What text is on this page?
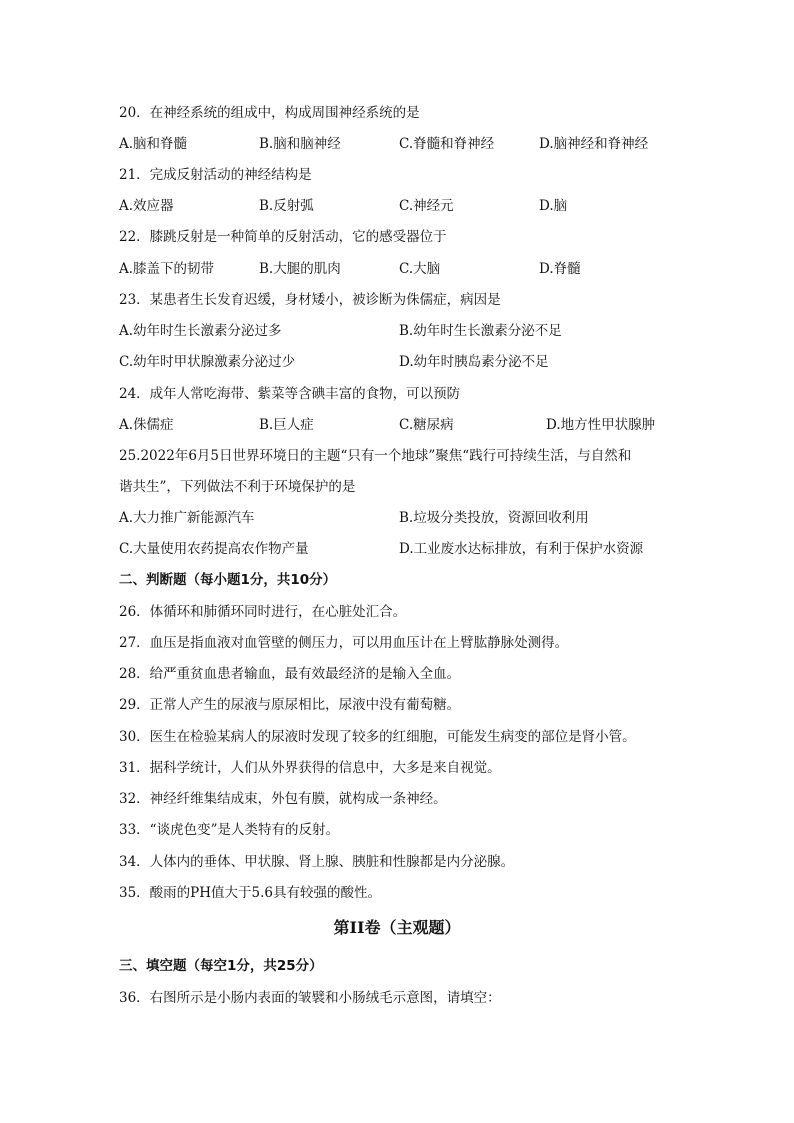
20．在神经系统的组成中，构成周围神经系统的是
A.脑和脊髓	B.脑和脑神经	C.脊髓和脊神经	D.脑神经和脊神经
21．完成反射活动的神经结构是
A.效应器	B.反射弧	C.神经元	D.脑
22．膝跳反射是一种简单的反射活动，它的感受器位于
A.膝盖下的韧带	B.大腿的肌肉	C.大脑	D.脊髓
23．某患者生长发育迟缓，身材矮小，被诊断为侏儒症，病因是
A.幼年时生长激素分泌过多	B.幼年时生长激素分泌不足
C.幼年时甲状腺激素分泌过少	D.幼年时胰岛素分泌不足
24．成年人常吃海带、紫菜等含碘丰富的食物，可以预防
A.侏儒症	B.巨人症	C.糖尿病	D.地方性甲状腺肿
25.2022年6月5日世界环境日的主题“只有一个地球”聚焦“践行可持续生活，与自然和
谐共生”，下列做法不利于环境保护的是
A.大力推广新能源汽车	B.垃圾分类投放，资源回收利用
C.大量使用农药提高农作物产量	D.工业废水达标排放，有利于保护水资源
二、判断题（每小题1分，共10分）
26．体循环和肺循环同时进行，在心脏处汇合。
27．血压是指血液对血管壁的侧压力，可以用血压计在上臂肱静脉处测得。
28．给严重贫血患者输血，最有效最经济的是输入全血。
29．正常人产生的尿液与原尿相比，尿液中没有葡萄糖。
30．医生在检验某病人的尿液时发现了较多的红细胞，可能发生病变的部位是肾小管。
31．据科学统计，人们从外界获得的信息中，大多是来自视觉。
32．神经纤维集结成束，外包有膜，就构成一条神经。
33．“谈虎色变”是人类特有的反射。
34．人体内的垂体、甲状腺、肾上腺、胰脏和性腺都是内分泌腺。
35．酸雨的PH值大于5.6具有较强的酸性。
第II卷（主观题）
三、填空题（每空1分，共25分）
36．右图所示是小肠内表面的皱襞和小肠绒毛示意图，请填空：
